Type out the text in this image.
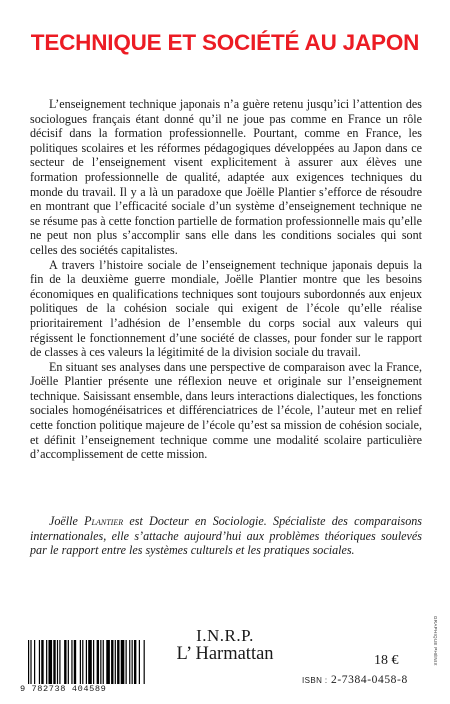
TECHNIQUE ET SOCIÉTÉ AU JAPON

L’enseignement technique japonais n’a guère retenu jusqu’ici l’attention des sociologues français étant donné qu’il ne joue pas comme en France un rôle décisif dans la formation professionnelle. Pourtant, comme en France, les politiques scolaires et les réformes pédagogiques développées au Japon dans ce secteur de l’enseignement visent explicitement à assurer aux élèves une formation professionnelle de qualité, adaptée aux exigences techniques du monde du travail. Il y a là un paradoxe que Joëlle Plantier s’efforce de résoudre en montrant que l’efficacité sociale d’un système d’enseignement technique ne se résume pas à cette fonction partielle de formation professionnelle mais qu’elle ne peut non plus s’accomplir sans elle dans les conditions sociales qui sont celles des sociétés capitalistes.

A travers l’histoire sociale de l’enseignement technique japonais depuis la fin de la deuxième guerre mondiale, Joëlle Plantier montre que les besoins économiques en qualifications techniques sont toujours subordonnés aux enjeux politiques de la cohésion sociale qui exigent de l’école qu’elle réalise prioritairement l’adhésion de l’ensemble du corps social aux valeurs qui régissent le fonctionnement d’une société de classes, pour fonder sur le rapport de classes à ces valeurs la légitimité de la division sociale du travail.

En situant ses analyses dans une perspective de comparaison avec la France, Joëlle Plantier présente une réflexion neuve et originale sur l’enseignement technique. Saisissant ensemble, dans leurs interactions dialectiques, les fonctions sociales homogénéisatrices et différenciatrices de l’école, l’auteur met en relief cette fonction politique majeure de l’école qu’est sa mission de cohésion sociale, et définit l’enseignement technique comme une modalité scolaire particulière d’accomplissement de cette mission.

Joëlle Plantier est Docteur en Sociologie. Spécialiste des comparaisons internationales, elle s’attache aujourd’hui aux problèmes théoriques soulevés par le rapport entre les systèmes culturels et les pratiques sociales.

9 782738 404589
I.N.R.P.
L’ Harmattan	18 €
ISBN : 2-7384-0458-8
GRAPHIQUE PHÉNIX
